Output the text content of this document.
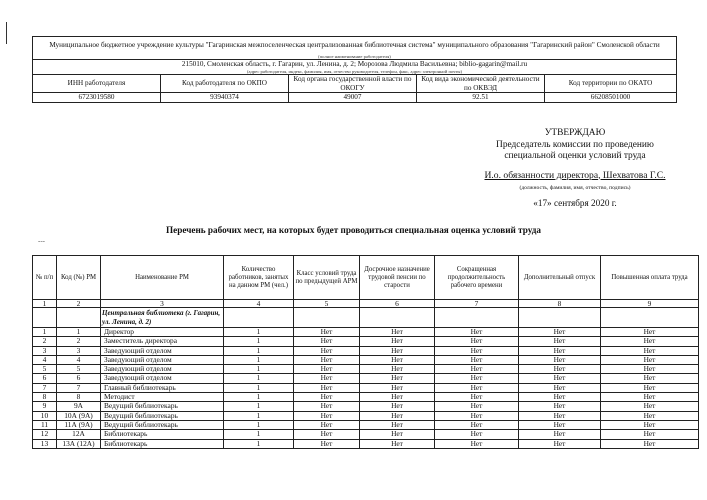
Муниципальное бюджетное учреждение культуры "Гагаринская межпоселенческая централизованная библиотечная система" муниципального образования "Гагаринский район" Смоленской области				
(полное наименование работодателя)				
215010, Смоленская область, г. Гагарин, ул. Ленина, д. 2; Морозова Людмила Васильевна; biblio-gagarin@mail.ru				
(адрес работодателя, индекс, фамилия, имя, отчество руководителя, телефон, факс, адрес электронной почты)				
ИНН работодателя	Код работодателя по ОКПО	Код органа государственной власти по ОКОГУ	Код вида экономической деятельности по ОКВЭД	Код территории по ОКАТО
6723019580	93940374	49007	92.51	66208501000
УТВЕРЖДАЮ
Председатель комиссии по проведению
специальной оценки условий труда
И.о. обязанности директора, Шехватова Г.С.
(должность, фамилия, имя, отчество, подпись)
«17» сентября 2020 г.
Перечень рабочих мест, на которых будет проводиться специальная оценка условий труда
---
№ п/п	Код (№) РМ	Наименование РМ	Количество работников, занятых на данном РМ (чел.)	Класс условий труда по предыдущей АРМ	Досрочное назначение трудовой пенсии по старости	Сокращенная продолжительность рабочего времени	Дополнительный отпуск	Повышенная оплата труда
1	2	3	4	5	6	7	8	9
		Центральная библиотека (г. Гагарин, ул. Ленина, д. 2)						
1	1	Директор	1	Нет	Нет	Нет	Нет	Нет
2	2	Заместитель директора	1	Нет	Нет	Нет	Нет	Нет
3	3	Заведующий отделом	1	Нет	Нет	Нет	Нет	Нет
4	4	Заведующий отделом	1	Нет	Нет	Нет	Нет	Нет
5	5	Заведующий отделом	1	Нет	Нет	Нет	Нет	Нет
6	6	Заведующий отделом	1	Нет	Нет	Нет	Нет	Нет
7	7	Главный библиотекарь	1	Нет	Нет	Нет	Нет	Нет
8	8	Методист	1	Нет	Нет	Нет	Нет	Нет
9	9А	Ведущий библиотекарь	1	Нет	Нет	Нет	Нет	Нет
10	10А (9А)	Ведущий библиотекарь	1	Нет	Нет	Нет	Нет	Нет
11	11А (9А)	Ведущий библиотекарь	1	Нет	Нет	Нет	Нет	Нет
12	12А	Библиотекарь	1	Нет	Нет	Нет	Нет	Нет
13	13А (12А)	Библиотекарь	1	Нет	Нет	Нет	Нет	Нет
